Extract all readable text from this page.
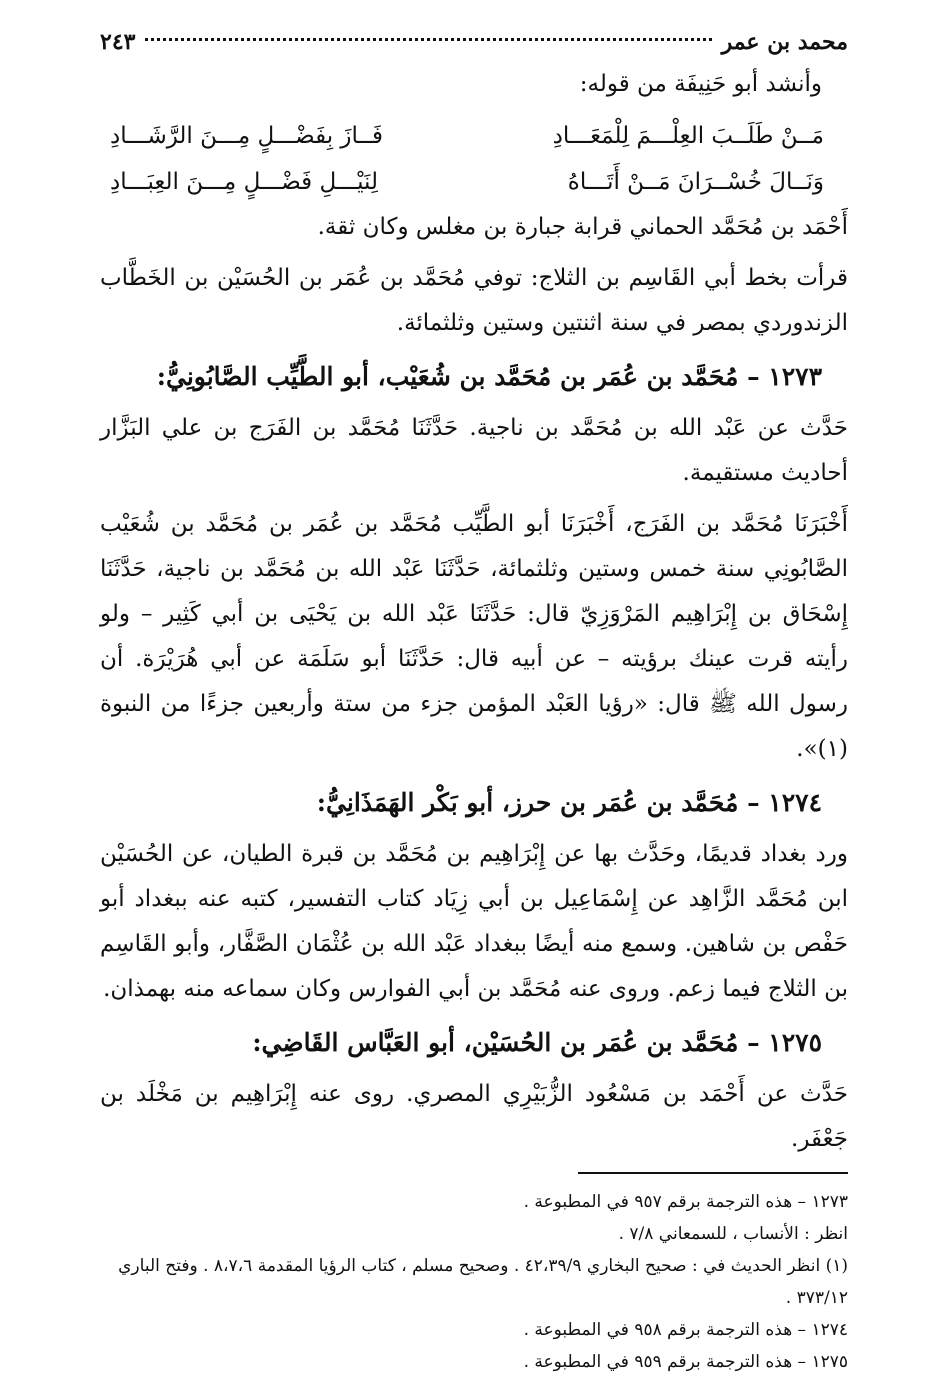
محمد بن عمر
٢٤٣

وأنشد أبو حَنِيفَة من قوله:

مَــنْ طَلَــبَ العِلْـــمَ لِلْمَعَـــادِ
فَــازَ بِفَضْـــلٍ مِـــنَ الرَّشَـــادِ
وَنَــالَ خُسْــرَانَ مَــنْ أَتَـــاهُ
لِنَيْـــلِ فَضْـــلٍ مِـــنَ العِبَـــادِ

أَحْمَد بن مُحَمَّد الحماني قرابة جبارة بن مغلس وكان ثقة.

قرأت بخط أبي القَاسِم بن الثلاج: توفي مُحَمَّد بن عُمَر بن الحُسَيْن بن الخَطَّاب الزندوردي بمصر في سنة اثنتين وستين وثلثمائة.

١٢٧٣ – مُحَمَّد بن عُمَر بن مُحَمَّد بن شُعَيْب، أبو الطَّيِّب الصَّابُونِيُّ:

حَدَّث عن عَبْد الله بن مُحَمَّد بن ناجية. حَدَّثَنَا مُحَمَّد بن الفَرَج بن علي البَزَّار أحاديث مستقيمة.

أَخْبَرَنَا مُحَمَّد بن الفَرَج، أَخْبَرَنَا أبو الطَّيِّب مُحَمَّد بن عُمَر بن مُحَمَّد بن شُعَيْب الصَّابُونِي سنة خمس وستين وثلثمائة، حَدَّثَنَا عَبْد الله بن مُحَمَّد بن ناجية، حَدَّثَنَا إِسْحَاق بن إِبْرَاهِيم المَرْوَزِيّ قال: حَدَّثَنَا عَبْد الله بن يَحْيَى بن أبي كَثِير – ولو رأيته قرت عينك برؤيته – عن أبيه قال: حَدَّثَنَا أبو سَلَمَة عن أبي هُرَيْرَة. أن رسول الله ﷺ قال: «رؤيا العَبْد المؤمن جزء من ستة وأربعين جزءًا من النبوة (١)».

١٢٧٤ – مُحَمَّد بن عُمَر بن حرز، أبو بَكْر الهَمَذَانِيُّ:

ورد بغداد قديمًا، وحَدَّث بها عن إِبْرَاهِيم بن مُحَمَّد بن قبرة الطيان، عن الحُسَيْن ابن مُحَمَّد الزَّاهِد عن إِسْمَاعِيل بن أبي زِيَاد كتاب التفسير، كتبه عنه ببغداد أبو حَفْص بن شاهين. وسمع منه أيضًا ببغداد عَبْد الله بن عُثْمَان الصَّفَّار، وأبو القَاسِم بن الثلاج فيما زعم. وروى عنه مُحَمَّد بن أبي الفوارس وكان سماعه منه بهمذان.

١٢٧٥ – مُحَمَّد بن عُمَر بن الحُسَيْن، أبو العَبَّاس القَاضِي:

حَدَّث عن أَحْمَد بن مَسْعُود الزُّبَيْرِي المصري. روى عنه إِبْرَاهِيم بن مَخْلَد بن جَعْفَر.

١٢٧٣ – هذه الترجمة برقم ٩٥٧ في المطبوعة .

انظر : الأنساب ، للسمعاني ٧/٨ .

(١) انظر الحديث في : صحيح البخاري ٤٢،٣٩/٩ . وصحيح مسلم ، كتاب الرؤيا المقدمة ٨،٧،٦ . وفتح الباري ٣٧٣/١٢ .

١٢٧٤ – هذه الترجمة برقم ٩٥٨ في المطبوعة .

١٢٧٥ – هذه الترجمة برقم ٩٥٩ في المطبوعة .
